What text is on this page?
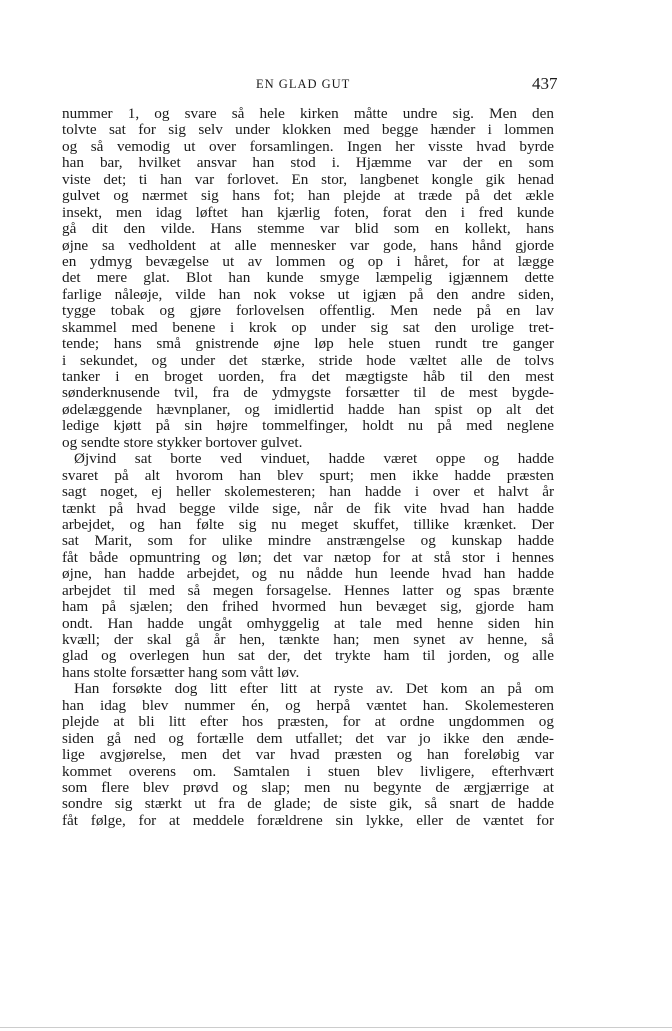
EN GLAD GUT	437
nummer 1, og svare så hele kirken måtte undre sig. Men den
tolvte sat for sig selv under klokken med begge hænder i lommen
og så vemodig ut over forsamlingen. Ingen her visste hvad byrde
han bar, hvilket ansvar han stod i. Hjæmme var der en som
viste det; ti han var forlovet. En stor, langbenet kongle gik henad
gulvet og nærmet sig hans fot; han plejde at træde på det ækle
insekt, men idag løftet han kjærlig foten, forat den i fred kunde
gå dit den vilde. Hans stemme var blid som en kollekt, hans
øjne sa vedholdent at alle mennesker var gode, hans hånd gjorde
en ydmyg bevægelse ut av lommen og op i håret, for at lægge
det mere glat. Blot han kunde smyge læmpelig igjænnem dette
farlige nåleøje, vilde han nok vokse ut igjæn på den andre siden,
tygge tobak og gjøre forlovelsen offentlig. Men nede på en lav
skammel med benene i krok op under sig sat den urolige tret-
tende; hans små gnistrende øjne løp hele stuen rundt tre ganger
i sekundet, og under det stærke, stride hode væltet alle de tolvs
tanker i en broget uorden, fra det mægtigste håb til den mest
sønderknusende tvil, fra de ydmygste forsætter til de mest bygde-
ødelæggende hævnplaner, og imidlertid hadde han spist op alt det
ledige kjøtt på sin højre tommelfinger, holdt nu på med neglene
og sendte store stykker bortover gulvet.
Øjvind sat borte ved vinduet, hadde været oppe og hadde
svaret på alt hvorom han blev spurt; men ikke hadde præsten
sagt noget, ej heller skolemesteren; han hadde i over et halvt år
tænkt på hvad begge vilde sige, når de fik vite hvad han hadde
arbejdet, og han følte sig nu meget skuffet, tillike krænket. Der
sat Marit, som for ulike mindre anstrængelse og kunskap hadde
fåt både opmuntring og løn; det var nætop for at stå stor i hennes
øjne, han hadde arbejdet, og nu nådde hun leende hvad han hadde
arbejdet til med så megen forsagelse. Hennes latter og spas brænte
ham på sjælen; den frihed hvormed hun bevæget sig, gjorde ham
ondt. Han hadde ungåt omhyggelig at tale med henne siden hin
kvæll; der skal gå år hen, tænkte han; men synet av henne, så
glad og overlegen hun sat der, det trykte ham til jorden, og alle
hans stolte forsætter hang som vått løv.
Han forsøkte dog litt efter litt at ryste av. Det kom an på om
han idag blev nummer én, og herpå væntet han. Skolemesteren
plejde at bli litt efter hos præsten, for at ordne ungdommen og
siden gå ned og fortælle dem utfallet; det var jo ikke den ænde-
lige avgjørelse, men det var hvad præsten og han foreløbig var
kommet overens om. Samtalen i stuen blev livligere, efterhvært
som flere blev prøvd og slap; men nu begynte de ærgjærrige at
sondre sig stærkt ut fra de glade; de siste gik, så snart de hadde
fåt følge, for at meddele forældrene sin lykke, eller de væntet for
